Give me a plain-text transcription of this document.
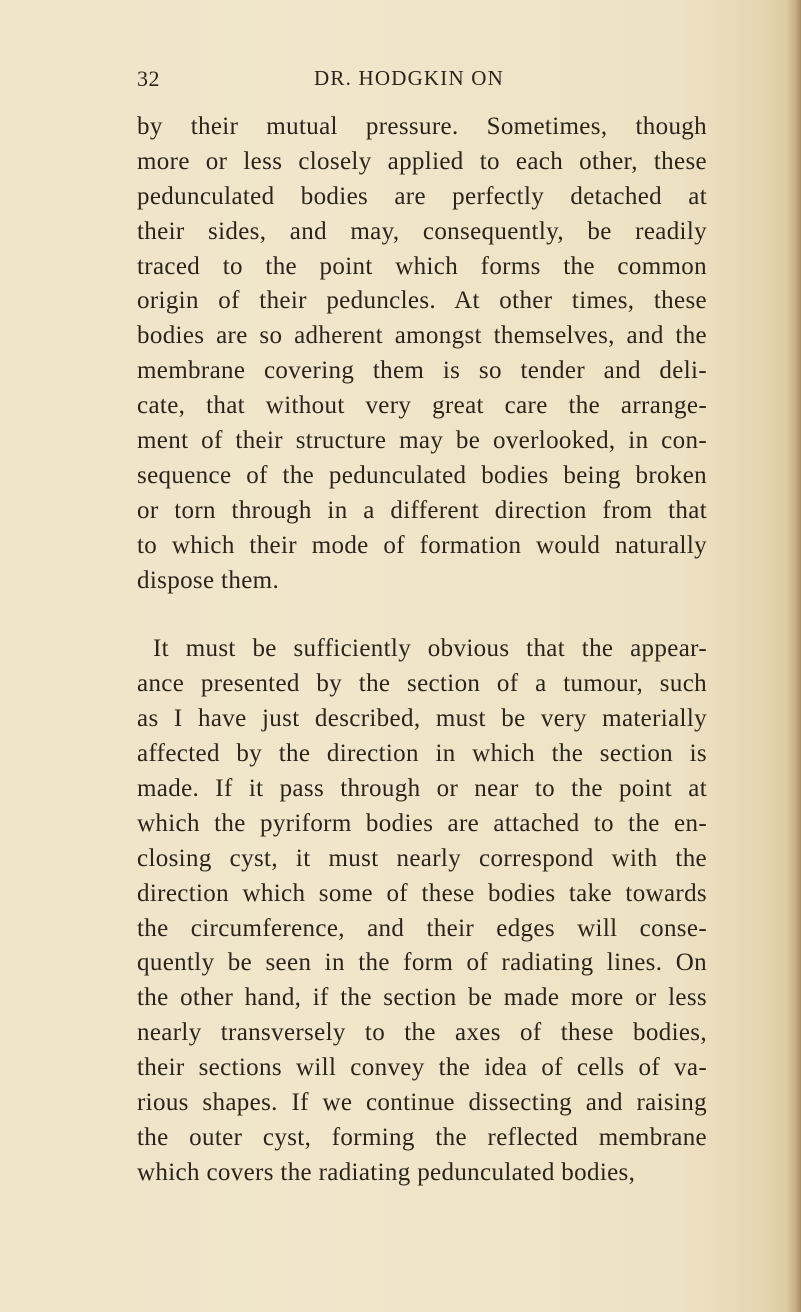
32	DR. HODGKIN ON
by their mutual pressure. Sometimes, though
more or less closely applied to each other, these
pedunculated bodies are perfectly detached at
their sides, and may, consequently, be readily
traced to the point which forms the common
origin of their peduncles. At other times, these
bodies are so adherent amongst themselves, and the
membrane covering them is so tender and deli-
cate, that without very great care the arrange-
ment of their structure may be overlooked, in con-
sequence of the pedunculated bodies being broken
or torn through in a different direction from that
to which their mode of formation would naturally
dispose them.
It must be sufficiently obvious that the appear-
ance presented by the section of a tumour, such
as I have just described, must be very materially
affected by the direction in which the section is
made. If it pass through or near to the point at
which the pyriform bodies are attached to the en-
closing cyst, it must nearly correspond with the
direction which some of these bodies take towards
the circumference, and their edges will conse-
quently be seen in the form of radiating lines. On
the other hand, if the section be made more or less
nearly transversely to the axes of these bodies,
their sections will convey the idea of cells of va-
rious shapes. If we continue dissecting and raising
the outer cyst, forming the reflected membrane
which covers the radiating pedunculated bodies,
